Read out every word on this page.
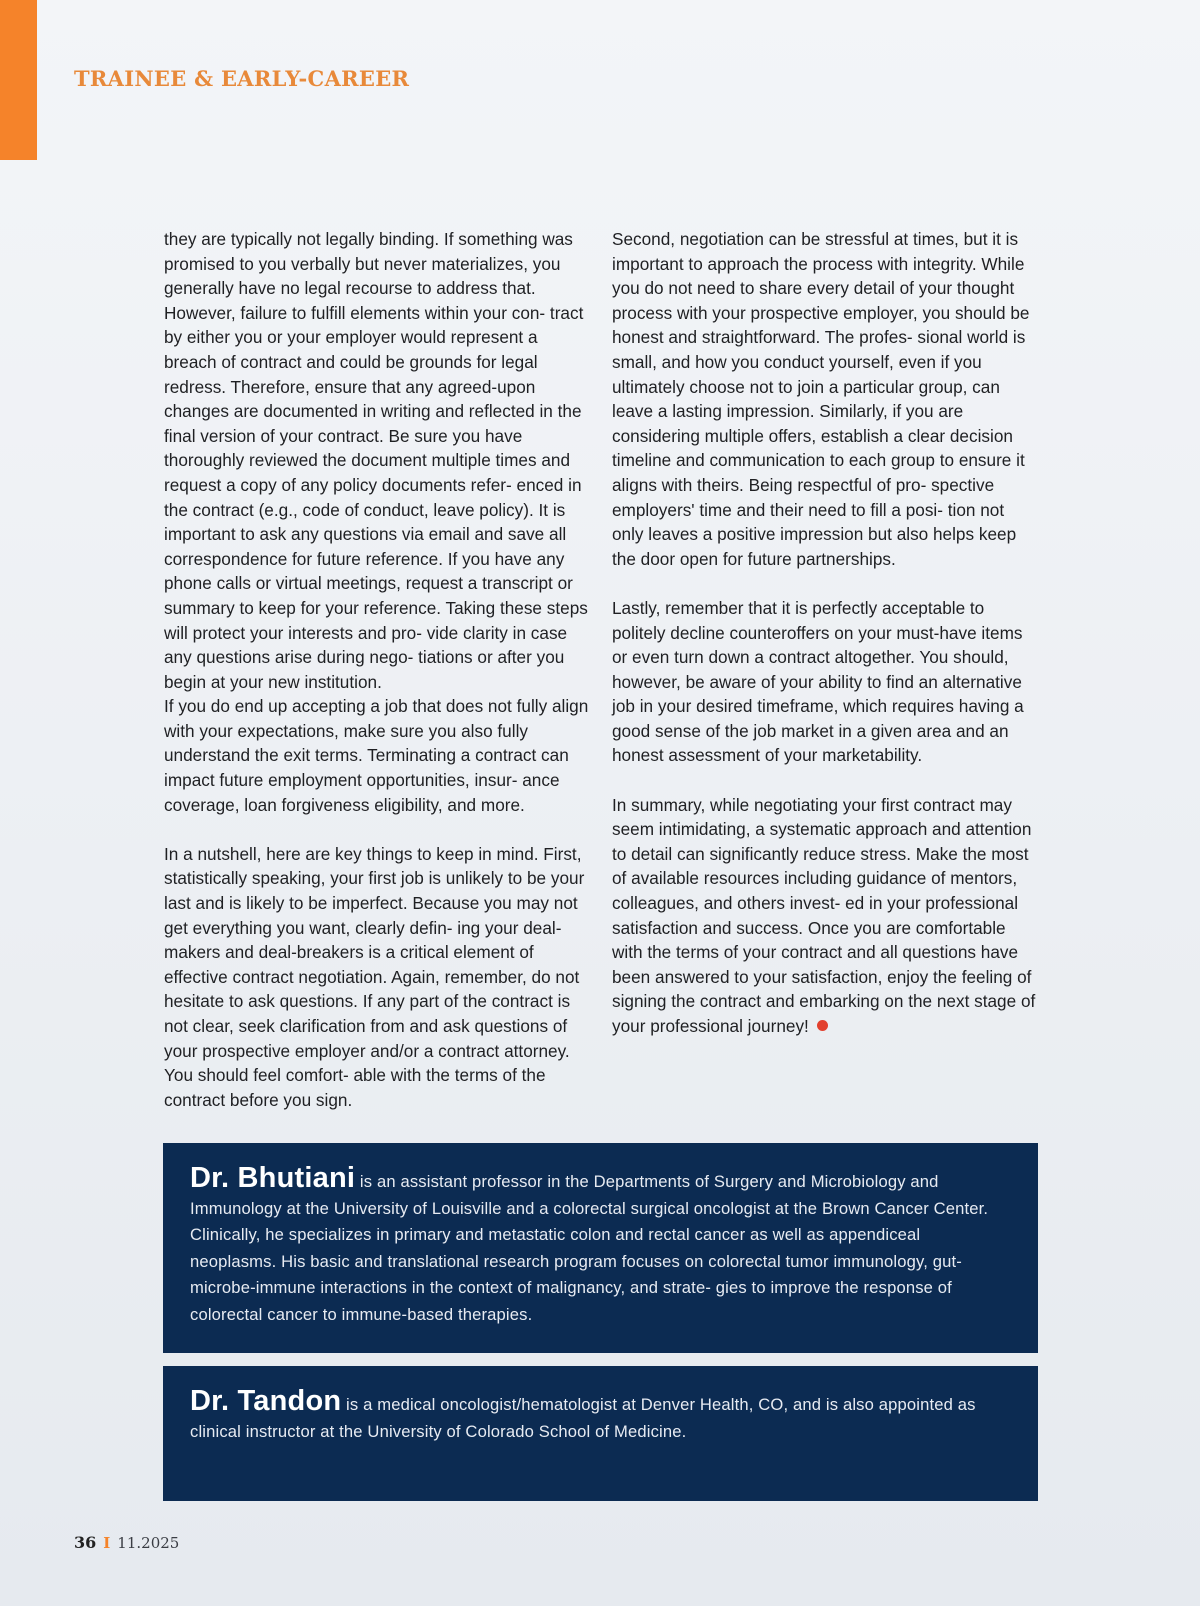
TRAINEE & EARLY-CAREER

they are typically not legally binding. If something was promised to you verbally but never materializes, you generally have no legal recourse to address that. However, failure to fulfill elements within your con- tract by either you or your employer would represent a breach of contract and could be grounds for legal redress. Therefore, ensure that any agreed-upon changes are documented in writing and reflected in the final version of your contract. Be sure you have thoroughly reviewed the document multiple times and request a copy of any policy documents refer- enced in the contract (e.g., code of conduct, leave policy). It is important to ask any questions via email and save all correspondence for future reference. If you have any phone calls or virtual meetings, request a transcript or summary to keep for your reference. Taking these steps will protect your interests and pro- vide clarity in case any questions arise during nego- tiations or after you begin at your new institution.

If you do end up accepting a job that does not fully align with your expectations, make sure you also fully understand the exit terms. Terminating a contract can impact future employment opportunities, insur- ance coverage, loan forgiveness eligibility, and more.

In a nutshell, here are key things to keep in mind. First, statistically speaking, your first job is unlikely to be your last and is likely to be imperfect. Because you may not get everything you want, clearly defin- ing your deal-makers and deal-breakers is a critical element of effective contract negotiation. Again, remember, do not hesitate to ask questions. If any part of the contract is not clear, seek clarification from and ask questions of your prospective employer and/or a contract attorney. You should feel comfort- able with the terms of the contract before you sign.

Second, negotiation can be stressful at times, but it is important to approach the process with integrity. While you do not need to share every detail of your thought process with your prospective employer, you should be honest and straightforward. The profes- sional world is small, and how you conduct yourself, even if you ultimately choose not to join a particular group, can leave a lasting impression. Similarly, if you are considering multiple offers, establish a clear decision timeline and communication to each group to ensure it aligns with theirs. Being respectful of pro- spective employers' time and their need to fill a posi- tion not only leaves a positive impression but also helps keep the door open for future partnerships.

Lastly, remember that it is perfectly acceptable to politely decline counteroffers on your must-have items or even turn down a contract altogether. You should, however, be aware of your ability to find an alternative job in your desired timeframe, which requires having a good sense of the job market in a given area and an honest assessment of your marketability.

In summary, while negotiating your first contract may seem intimidating, a systematic approach and attention to detail can significantly reduce stress. Make the most of available resources including guidance of mentors, colleagues, and others invest- ed in your professional satisfaction and success. Once you are comfortable with the terms of your contract and all questions have been answered to your satisfaction, enjoy the feeling of signing the contract and embarking on the next stage of your professional journey!

Dr. Bhutiani is an assistant professor in the Departments of Surgery and Microbiology and Immunology at the University of Louisville and a colorectal surgical oncologist at the Brown Cancer Center. Clinically, he specializes in primary and metastatic colon and rectal cancer as well as appendiceal neoplasms. His basic and translational research program focuses on colorectal tumor immunology, gut-microbe-immune interactions in the context of malignancy, and strate- gies to improve the response of colorectal cancer to immune-based therapies.
Dr. Tandon is a medical oncologist/hematologist at Denver Health, CO, and is also appointed as clinical instructor at the University of Colorado School of Medicine.
36 I 11.2025
